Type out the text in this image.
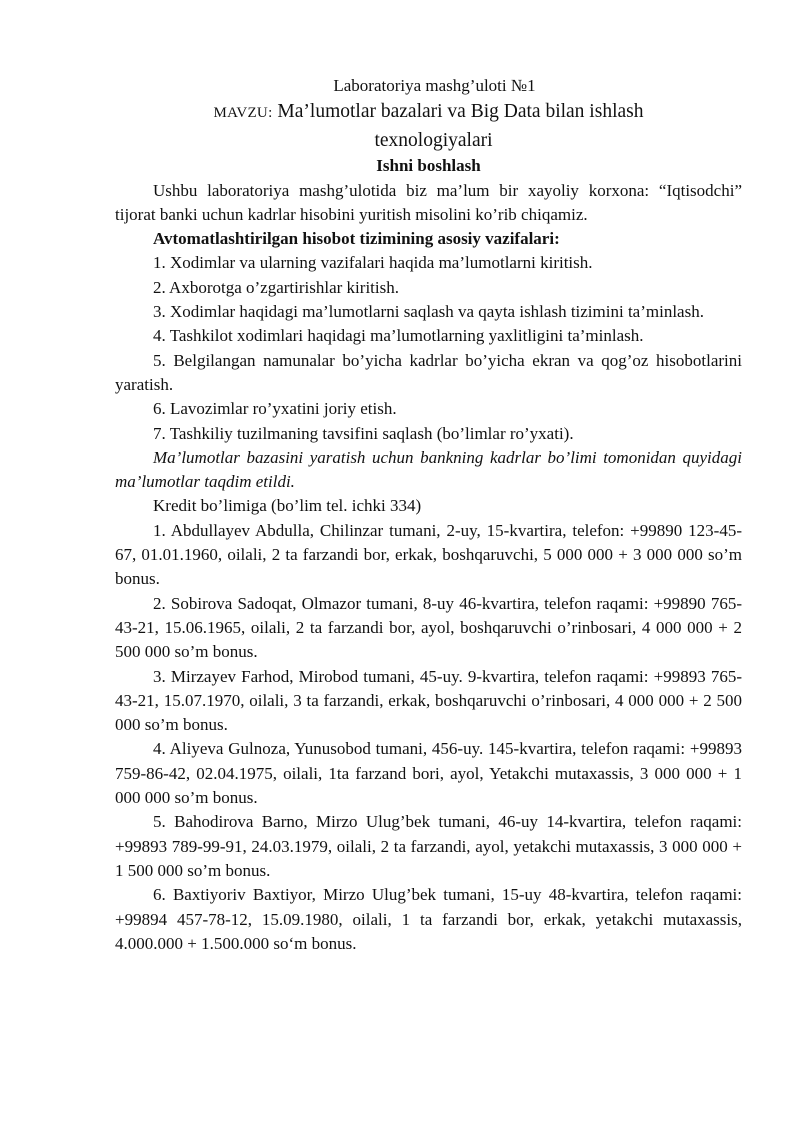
Laboratoriya mashg’uloti №1
MAVZU: Ma’lumotlar bazalari va Big Data bilan ishlash
texnologiyalari
Ishni boshlash

Ushbu laboratoriya mashg’ulotida biz ma’lum bir xayoliy korxona: “Iqtisodchi” tijorat banki uchun kadrlar hisobini yuritish misolini ko’rib chiqamiz.

Avtomatlashtirilgan hisobot tizimining asosiy vazifalari:

1. Xodimlar va ularning vazifalari haqida ma’lumotlarni kiritish.

2. Axborotga o’zgartirishlar kiritish.

3. Xodimlar haqidagi ma’lumotlarni saqlash va qayta ishlash tizimini ta’minlash.

4. Tashkilot xodimlari haqidagi ma’lumotlarning yaxlitligini ta’minlash.

5. Belgilangan namunalar bo’yicha kadrlar bo’yicha ekran va qog’oz hisobotlarini yaratish.

6. Lavozimlar ro’yxatini joriy etish.

7. Tashkiliy tuzilmaning tavsifini saqlash (bo’limlar ro’yxati).

Ma’lumotlar bazasini yaratish uchun bankning kadrlar bo’limi tomonidan quyidagi ma’lumotlar taqdim etildi.

Kredit bo’limiga (bo’lim tel. ichki 334)

1. Abdullayev Abdulla, Chilinzar tumani, 2-uy, 15-kvartira, telefon: +99890 123-45-67, 01.01.1960, oilali, 2 ta farzandi bor, erkak, boshqaruvchi, 5 000 000 + 3 000 000 so’m bonus.

2. Sobirova Sadoqat, Olmazor tumani, 8-uy 46-kvartira, telefon raqami: +99890 765-43-21, 15.06.1965, oilali, 2 ta farzandi bor, ayol, boshqaruvchi o’rinbosari, 4 000 000 + 2 500 000 so’m bonus.

3. Mirzayev Farhod, Mirobod tumani, 45-uy. 9-kvartira, telefon raqami: +99893 765-43-21, 15.07.1970, oilali, 3 ta farzandi, erkak, boshqaruvchi o’rinbosari, 4 000 000 + 2 500 000 so’m bonus.

4. Aliyeva Gulnoza, Yunusobod tumani, 456-uy. 145-kvartira, telefon raqami: +99893 759-86-42, 02.04.1975, oilali, 1ta farzand bori, ayol, Yetakchi mutaxassis, 3 000 000 + 1 000 000 so’m bonus.

5. Bahodirova Barno, Mirzo Ulug’bek tumani, 46-uy 14-kvartira, telefon raqami: +99893 789-99-91, 24.03.1979, oilali, 2 ta farzandi, ayol, yetakchi mutaxassis, 3 000 000 + 1 500 000 so’m bonus.

6. Baxtiyoriv Baxtiyor, Mirzo Ulug’bek tumani, 15-uy 48-kvartira, telefon raqami: +99894 457-78-12, 15.09.1980, oilali, 1 ta farzandi bor, erkak, yetakchi mutaxassis, 4.000.000 + 1.500.000 so‘m bonus.
